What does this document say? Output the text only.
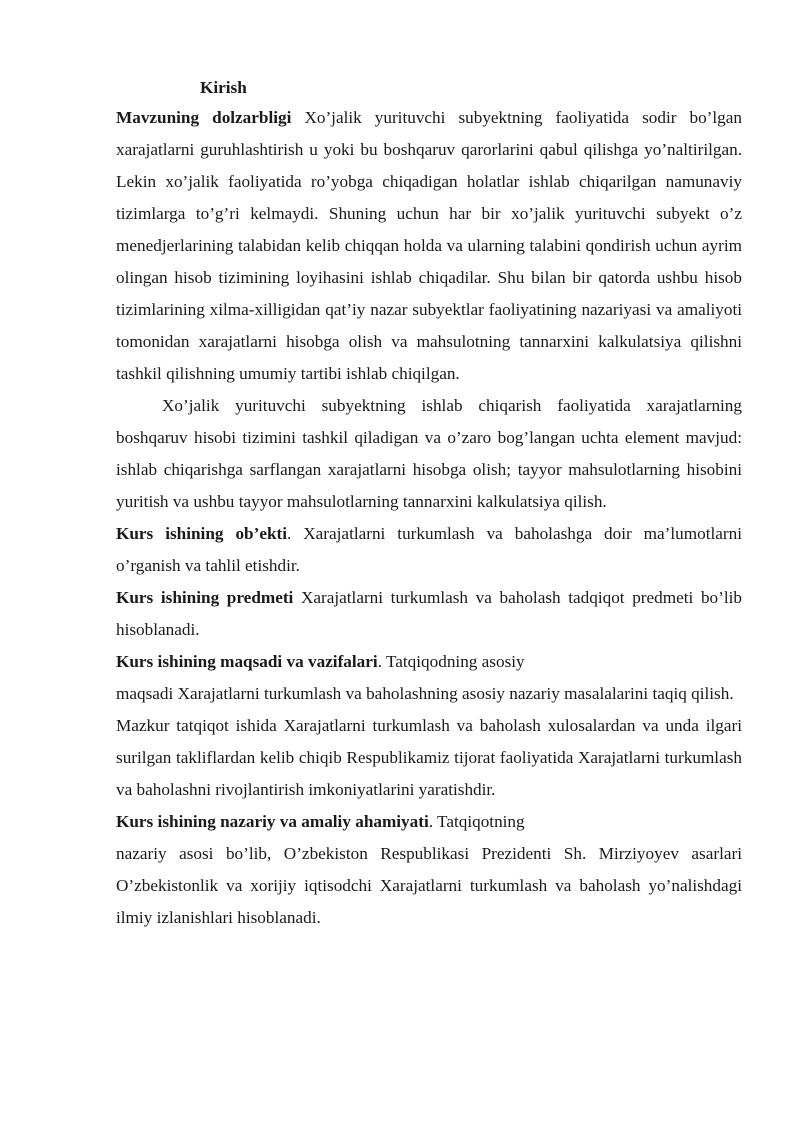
Kirish

Mavzuning dolzarbligi Xo’jalik yurituvchi subyektning faoliyatida sodir bo’lgan xarajatlarni guruhlashtirish u yoki bu boshqaruv qarorlarini qabul qilishga yo’naltirilgan. Lekin xo’jalik faoliyatida ro’yobga chiqadigan holatlar ishlab chiqarilgan namunaviy tizimlarga to’g’ri kelmaydi. Shuning uchun har bir xo’jalik yurituvchi subyekt o’z menedjerlarining talabidan kelib chiqqan holda va ularning talabini qondirish uchun ayrim olingan hisob tizimining loyihasini ishlab chiqadilar. Shu bilan bir qatorda ushbu hisob tizimlarining xilma-xilligidan qat’iy nazar subyektlar faoliyatining nazariyasi va amaliyoti tomonidan xarajatlarni hisobga olish va mahsulotning tannarxini kalkulatsiya qilishni tashkil qilishning umumiy tartibi ishlab chiqilgan.

Xo’jalik yurituvchi subyektning ishlab chiqarish faoliyatida xarajatlarning boshqaruv hisobi tizimini tashkil qiladigan va o’zaro bog’langan uchta element mavjud: ishlab chiqarishga sarflangan xarajatlarni hisobga olish; tayyor mahsulotlarning hisobini yuritish va ushbu tayyor mahsulotlarning tannarxini kalkulatsiya qilish.

Kurs ishining ob’ekti. Xarajatlarni turkumlash va baholashga doir ma’lumotlarni o’rganish va tahlil etishdir.

Kurs ishining predmeti Xarajatlarni turkumlash va baholash tadqiqot predmeti bo’lib hisoblanadi.

Kurs ishining maqsadi va vazifalari. Tatqiqodning asosiy

maqsadi Xarajatlarni turkumlash va baholashning asosiy nazariy masalalarini taqiq qilish.

Mazkur tatqiqot ishida Xarajatlarni turkumlash va baholash xulosalardan va unda ilgari surilgan takliflardan kelib chiqib Respublikamiz tijorat faoliyatida Xarajatlarni turkumlash va baholashni rivojlantirish imkoniyatlarini yaratishdir.

Kurs ishining nazariy va amaliy ahamiyati. Tatqiqotning

nazariy asosi bo’lib, O’zbekiston Respublikasi Prezidenti Sh. Mirziyoyev asarlari O’zbekistonlik va xorijiy iqtisodchi Xarajatlarni turkumlash va baholash yo’nalishdagi ilmiy izlanishlari hisoblanadi.
